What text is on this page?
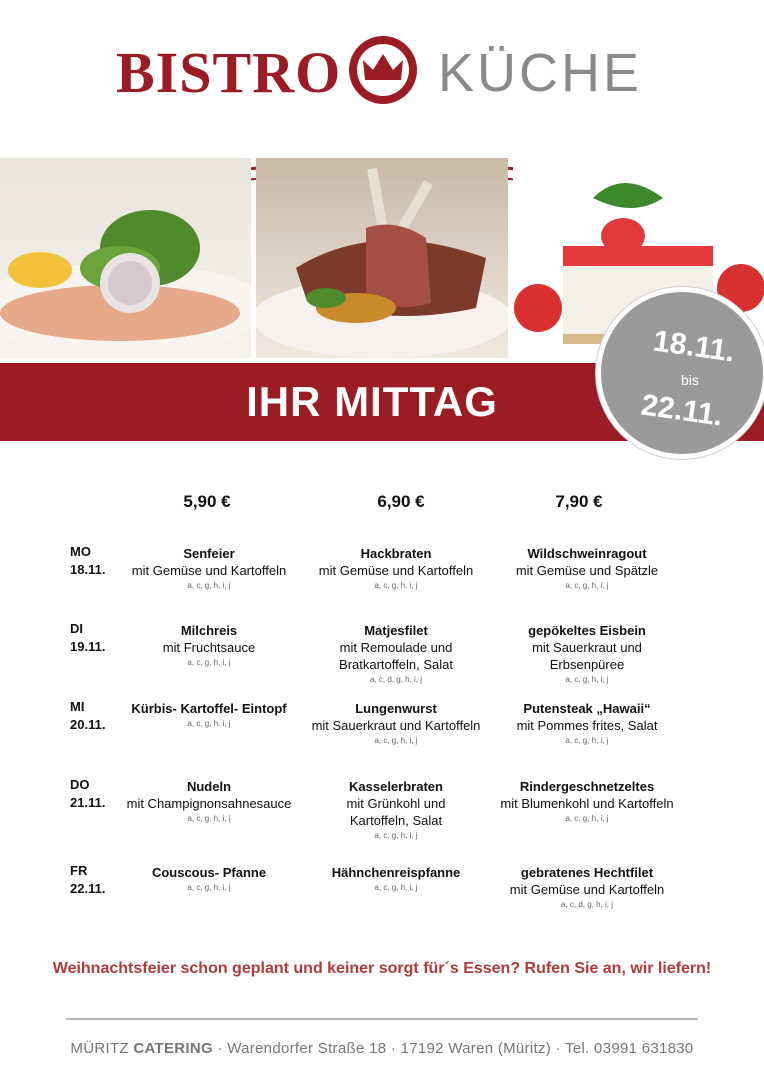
BISTRO KÜCHE
IHR MITTAG
18.11.
bis
22.11.
5,90 €	6,90 €	7,90 €
MO
18.11.
Senfeier
mit Gemüse und Kartoffeln
a, c, g, h, i, j
Hackbraten
mit Gemüse und Kartoffeln
a, c, g, h, i, j
Wildschweinragout
mit Gemüse und Spätzle
a, c, g, h, i, j
DI
19.11.
Milchreis
mit Fruchtsauce
a, c, g, h, i, j
Matjesfilet
mit Remoulade und
Bratkartoffeln, Salat
a, c, d, g, h, i, j
gepökeltes Eisbein
mit Sauerkraut und
Erbsenpüree
a, c, g, h, i, j
MI
20.11.
Kürbis- Kartoffel- Eintopf
a, c, g, h, i, j
Lungenwurst
mit Sauerkraut und Kartoffeln
a, c, g, h, i, j
Putensteak „Hawaii“
mit Pommes frites, Salat
a, c, g, h, i, j
DO
21.11.
Nudeln
mit Champignonsahnesauce
a, c, g, h, i, j
Kasselerbraten
mit Grünkohl und
Kartoffeln, Salat
a, c, g, h, i, j
Rindergeschnetzeltes
mit Blumenkohl und Kartoffeln
a, c, g, h, i, j
FR
22.11.
Couscous- Pfanne
a, c, g, h, i, j
Hähnchenreispfanne
a, c, g, h, i, j
gebratenes Hechtfilet
mit Gemüse und Kartoffeln
a, c, d, g, h, i, j
Weihnachtsfeier schon geplant und keiner sorgt für´s Essen? Rufen Sie an, wir liefern!
MÜRITZ CATERING · Warendorfer Straße 18 · 17192 Waren (Müritz) · Tel. 03991 631830
